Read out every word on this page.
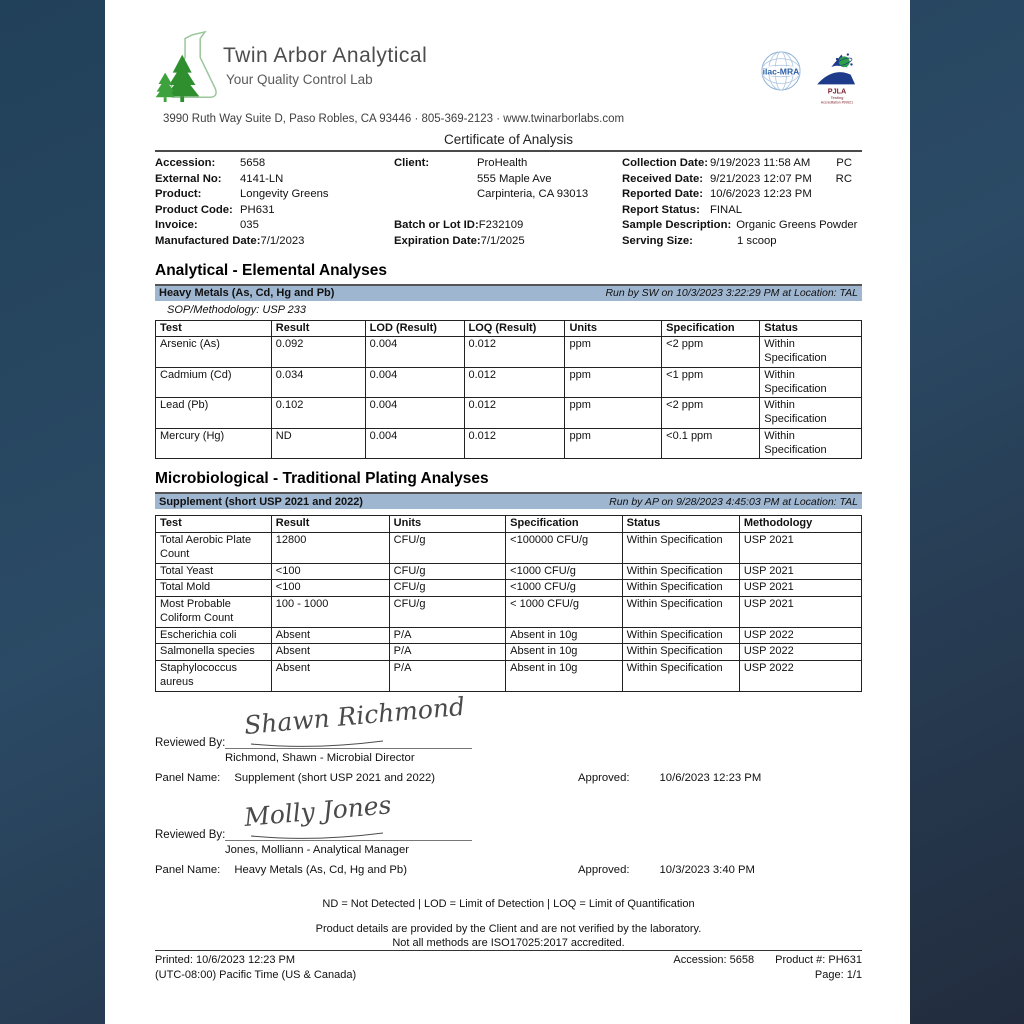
Twin Arbor Analytical
Your Quality Control Lab
ilac-MRA
PJLA
Testing
Accreditation #99921
3990 Ruth Way Suite D, Paso Robles, CA 93446 · 805-369-2123 · www.twinarborlabs.com
Certificate of Analysis
Accession:	5658
External No:	4141-LN
Product:	Longevity Greens
Product Code: PH631
Invoice:	035
Manufactured Date: 7/1/2023
Client:	ProHealth
555 Maple Ave
Carpinteria, CA 93013
Batch or Lot ID: F232109
Expiration Date: 7/1/2025
Collection Date: 9/19/2023 11:58 AM PC
Received Date: 9/21/2023 12:07 PM RC
Reported Date: 10/6/2023 12:23 PM
Report Status: FINAL
Sample Description: Organic Greens Powder
Serving Size:	1 scoop
Analytical - Elemental Analyses
Heavy Metals (As, Cd, Hg and Pb)	Run by SW on 10/3/2023 3:22:29 PM at Location: TAL
SOP/Methodology: USP 233
Test	Result	LOD (Result)	LOQ (Result)	Units	Specification	Status
Arsenic (As)	0.092	0.004	0.012	ppm	<2 ppm	Within Specification
Cadmium (Cd)	0.034	0.004	0.012	ppm	<1 ppm	Within Specification
Lead (Pb)	0.102	0.004	0.012	ppm	<2 ppm	Within Specification
Mercury (Hg)	ND	0.004	0.012	ppm	<0.1 ppm	Within Specification
Microbiological - Traditional Plating Analyses
Supplement (short USP 2021 and 2022)	Run by AP on 9/28/2023 4:45:03 PM at Location: TAL
Test	Result	Units	Specification	Status	Methodology
Total Aerobic Plate Count	12800	CFU/g	<100000 CFU/g	Within Specification	USP 2021
Total Yeast	<100	CFU/g	<1000 CFU/g	Within Specification	USP 2021
Total Mold	<100	CFU/g	<1000 CFU/g	Within Specification	USP 2021
Most Probable Coliform Count	100 - 1000	CFU/g	< 1000 CFU/g	Within Specification	USP 2021
Escherichia coli	Absent	P/A	Absent in 10g	Within Specification	USP 2022
Salmonella species	Absent	P/A	Absent in 10g	Within Specification	USP 2022
Staphylococcus aureus	Absent	P/A	Absent in 10g	Within Specification	USP 2022
Reviewed By:
Shawn Richmond
Richmond, Shawn - Microbial Director
Panel Name: Supplement (short USP 2021 and 2022)	Approved:	10/6/2023 12:23 PM
Reviewed By:
Molly Jones
Jones, Molliann - Analytical Manager
Panel Name: Heavy Metals (As, Cd, Hg and Pb)	Approved:	10/3/2023 3:40 PM
ND = Not Detected | LOD = Limit of Detection | LOQ = Limit of Quantification
Product details are provided by the Client and are not verified by the laboratory.
Not all methods are ISO17025:2017 accredited.
Printed: 10/6/2023 12:23 PM
(UTC-08:00) Pacific Time (US & Canada)
Accession: 5658 Product #: PH631
Page: 1/1
